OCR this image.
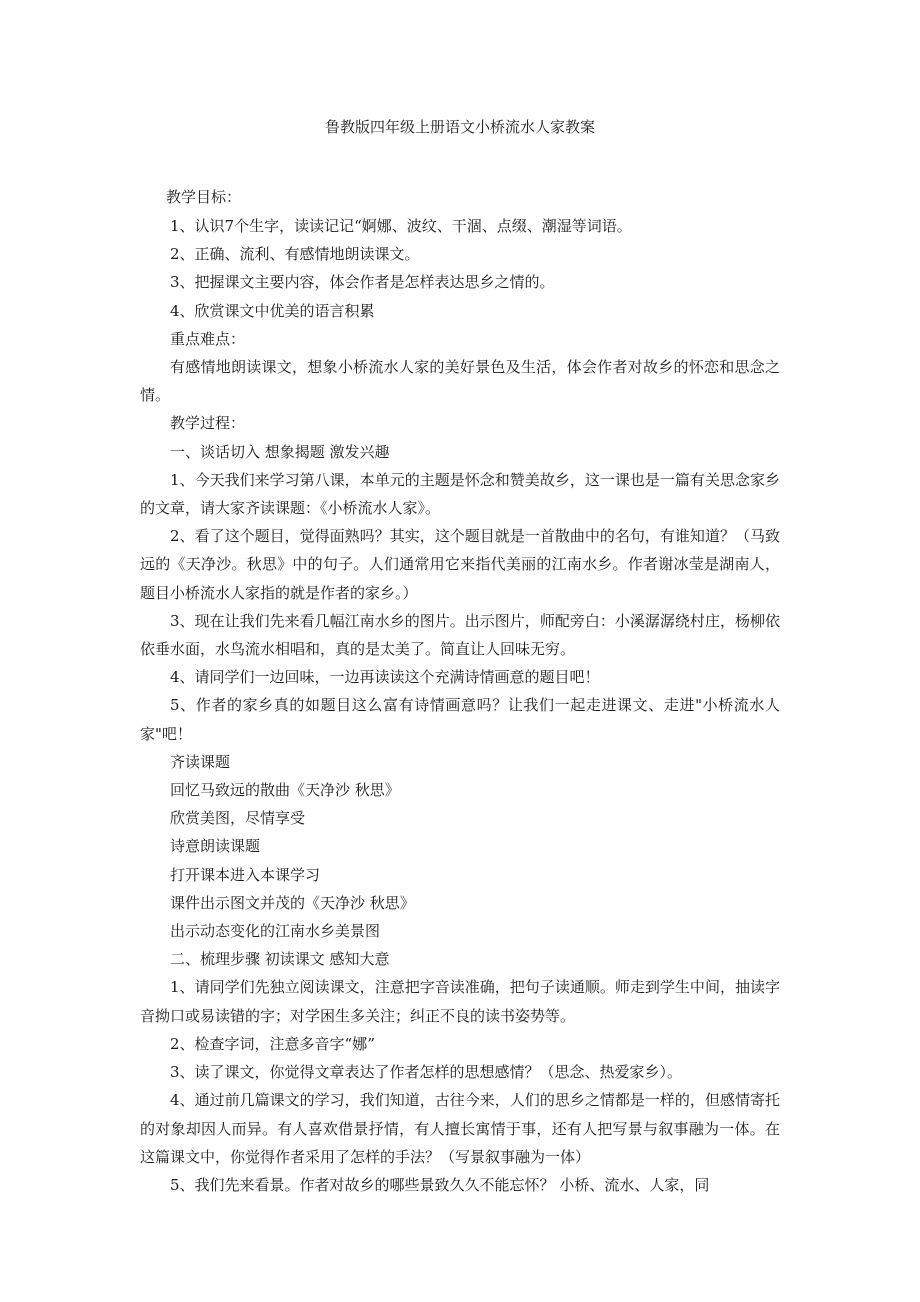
鲁教版四年级上册语文小桥流水人家教案

教学目标：

1、认识7个生字，读读记记“婀娜、波纹、干涸、点缀、潮湿等词语。

2、正确、流利、有感情地朗读课文。

3、把握课文主要内容，体会作者是怎样表达思乡之情的。

4、欣赏课文中优美的语言积累

重点难点：

有感情地朗读课文，想象小桥流水人家的美好景色及生活，体会作者对故乡的怀恋和思念之情。

教学过程：

一、谈话切入 想象揭题 激发兴趣

1、今天我们来学习第八课，本单元的主题是怀念和赞美故乡，这一课也是一篇有关思念家乡的文章，请大家齐读课题：《小桥流水人家》。

2、看了这个题目，觉得面熟吗？其实，这个题目就是一首散曲中的名句，有谁知道？（马致远的《天净沙。秋思》中的句子。人们通常用它来指代美丽的江南水乡。作者谢冰莹是湖南人，题目小桥流水人家指的就是作者的家乡。）

3、现在让我们先来看几幅江南水乡的图片。出示图片，师配旁白：小溪潺潺绕村庄，杨柳依依垂水面，水鸟流水相唱和，真的是太美了。简直让人回味无穷。

4、请同学们一边回味，一边再读读这个充满诗情画意的题目吧！

5、作者的家乡真的如题目这么富有诗情画意吗？让我们一起走进课文、走进"小桥流水人家"吧！

齐读课题

回忆马致远的散曲《天净沙 秋思》

欣赏美图，尽情享受

诗意朗读课题

打开课本进入本课学习

课件出示图文并茂的《天净沙 秋思》

出示动态变化的江南水乡美景图

二、梳理步骤 初读课文 感知大意

1、请同学们先独立阅读课文，注意把字音读准确，把句子读通顺。师走到学生中间，抽读字音拗口或易读错的字；对学困生多关注；纠正不良的读书姿势等。

2、检查字词，注意多音字“娜”

3、读了课文，你觉得文章表达了作者怎样的思想感情？（思念、热爱家乡）。

4、通过前几篇课文的学习，我们知道，古往今来，人们的思乡之情都是一样的，但感情寄托的对象却因人而异。有人喜欢借景抒情，有人擅长寓情于事，还有人把写景与叙事融为一体。在这篇课文中，你觉得作者采用了怎样的手法？（写景叙事融为一体）

5、我们先来看景。作者对故乡的哪些景致久久不能忘怀？ 小桥、流水、人家，同
